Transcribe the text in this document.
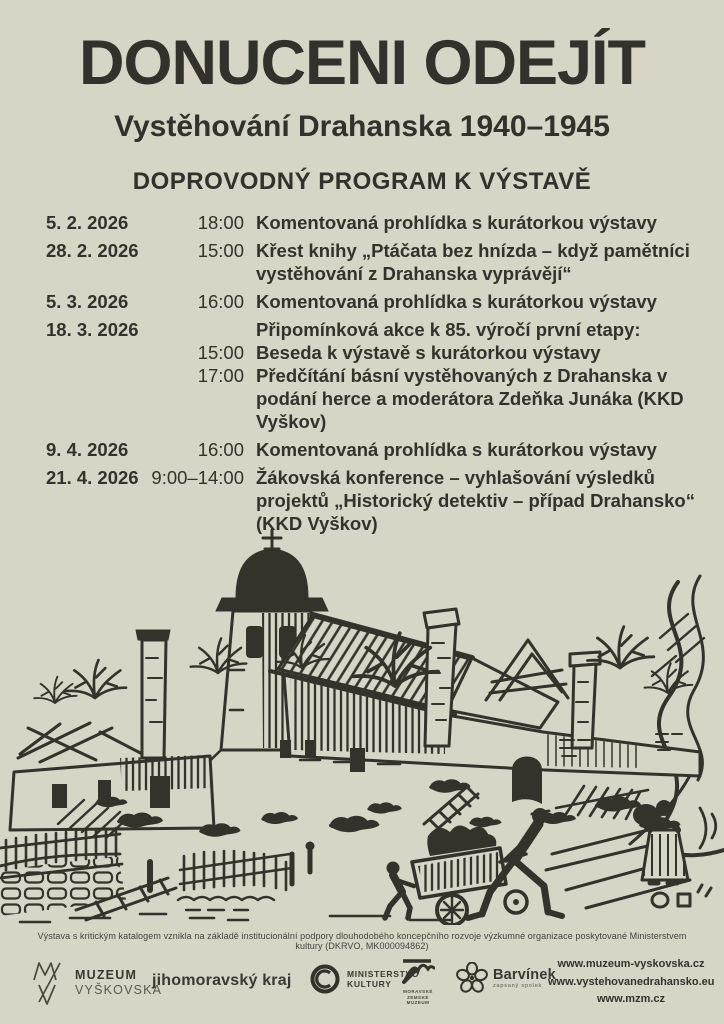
DONUCENI ODEJÍT
Vystěhování Drahanska 1940–1945
DOPROVODNÝ PROGRAM K VÝSTAVĚ
5. 2. 2026	18:00 Komentovaná prohlídka s kurátorkou výstavy
28. 2. 2026	15:00 Křest knihy „Ptáčata bez hnízda – když pamětníci vystěhování z Drahanska vyprávějí“
5. 3. 2026	16:00 Komentovaná prohlídka s kurátorkou výstavy
18. 3. 2026	Připomínková akce k 85. výročí první etapy:
15:00 Beseda k výstavě s kurátorkou výstavy
17:00 Předčítání básní vystěhovaných z Drahanska v podání herce a moderátora Zdeňka Junáka (KKD Vyškov)
9. 4. 2026	16:00 Komentovaná prohlídka s kurátorkou výstavy
21. 4. 2026 9:00–14:00 Žákovská konference – vyhlašování výsledků projektů „Historický detektiv – případ Drahansko“ (KKD Vyškov)
Výstava s kritickým katalogem vznikla na základě institucionální podpory dlouhodobého koncepčního rozvoje výzkumné organizace poskytované Ministerstvem kultury (DKRVO, MK000094862)
MUZEUM
VYŠKOVSKA
jihomoravský kraj	MINISTERSTVO
KULTURY
MORAVSKÉ
ZEMSKÉ
MUZEUM
Barvínek
zapsaný spolek
www.muzeum-vyskovska.cz
www.vystehovanedrahansko.eu
www.mzm.cz
